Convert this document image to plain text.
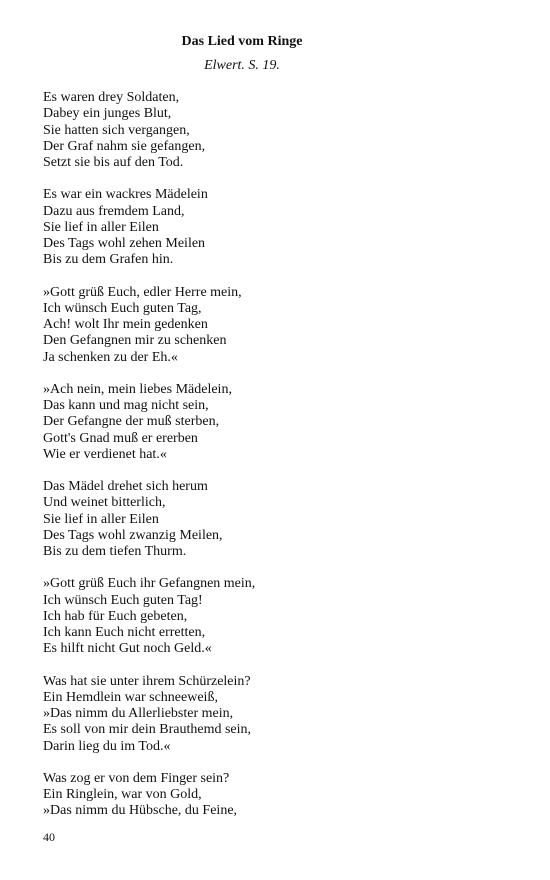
Das Lied vom Ringe
Elwert. S. 19.
Es waren drey Soldaten,
Dabey ein junges Blut,
Sie hatten sich vergangen,
Der Graf nahm sie gefangen,
Setzt sie bis auf den Tod.
Es war ein wackres Mädelein
Dazu aus fremdem Land,
Sie lief in aller Eilen
Des Tags wohl zehen Meilen
Bis zu dem Grafen hin.
»Gott grüß Euch, edler Herre mein,
Ich wünsch Euch guten Tag,
Ach! wolt Ihr mein gedenken
Den Gefangnen mir zu schenken
Ja schenken zu der Eh.«
»Ach nein, mein liebes Mädelein,
Das kann und mag nicht sein,
Der Gefangne der muß sterben,
Gott's Gnad muß er ererben
Wie er verdienet hat.«
Das Mädel drehet sich herum
Und weinet bitterlich,
Sie lief in aller Eilen
Des Tags wohl zwanzig Meilen,
Bis zu dem tiefen Thurm.
»Gott grüß Euch ihr Gefangnen mein,
Ich wünsch Euch guten Tag!
Ich hab für Euch gebeten,
Ich kann Euch nicht erretten,
Es hilft nicht Gut noch Geld.«
Was hat sie unter ihrem Schürzelein?
Ein Hemdlein war schneeweiß,
»Das nimm du Allerliebster mein,
Es soll von mir dein Brauthemd sein,
Darin lieg du im Tod.«
Was zog er von dem Finger sein?
Ein Ringlein, war von Gold,
»Das nimm du Hübsche, du Feine,
40
